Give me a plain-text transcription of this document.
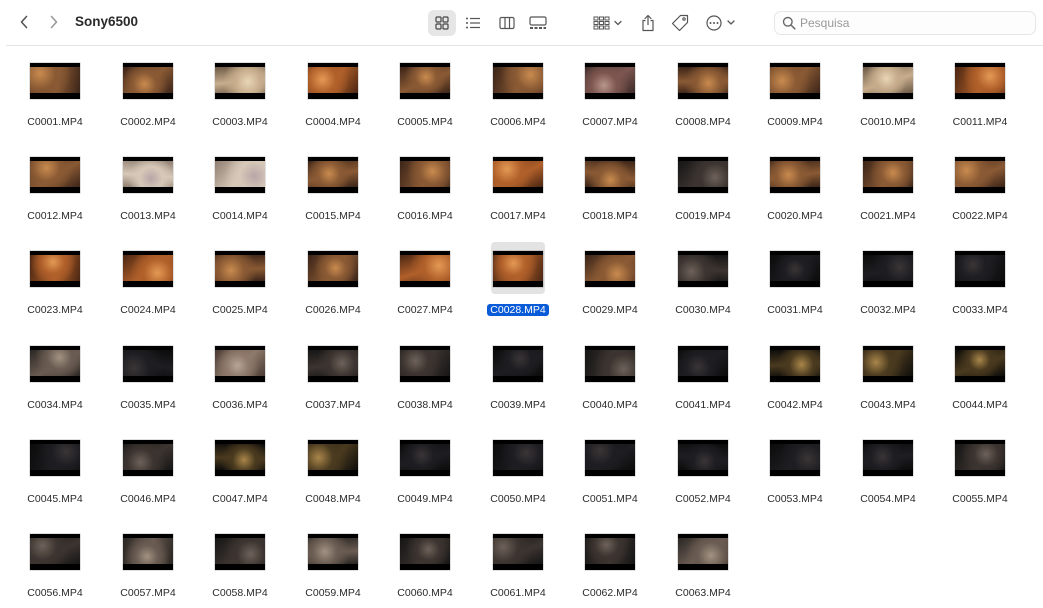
Sony6500
Pesquisa
C0001.MP4	C0002.MP4	C0003.MP4	C0004.MP4	C0005.MP4	C0006.MP4	C0007.MP4	C0008.MP4	C0009.MP4	C0010.MP4	C0011.MP4
C0012.MP4	C0013.MP4	C0014.MP4	C0015.MP4	C0016.MP4	C0017.MP4	C0018.MP4	C0019.MP4	C0020.MP4	C0021.MP4	C0022.MP4
C0023.MP4	C0024.MP4	C0025.MP4	C0026.MP4	C0027.MP4	C0028.MP4	C0029.MP4	C0030.MP4	C0031.MP4	C0032.MP4	C0033.MP4
C0034.MP4	C0035.MP4	C0036.MP4	C0037.MP4	C0038.MP4	C0039.MP4	C0040.MP4	C0041.MP4	C0042.MP4	C0043.MP4	C0044.MP4
C0045.MP4	C0046.MP4	C0047.MP4	C0048.MP4	C0049.MP4	C0050.MP4	C0051.MP4	C0052.MP4	C0053.MP4	C0054.MP4	C0055.MP4
C0056.MP4	C0057.MP4	C0058.MP4	C0059.MP4	C0060.MP4	C0061.MP4	C0062.MP4	C0063.MP4
